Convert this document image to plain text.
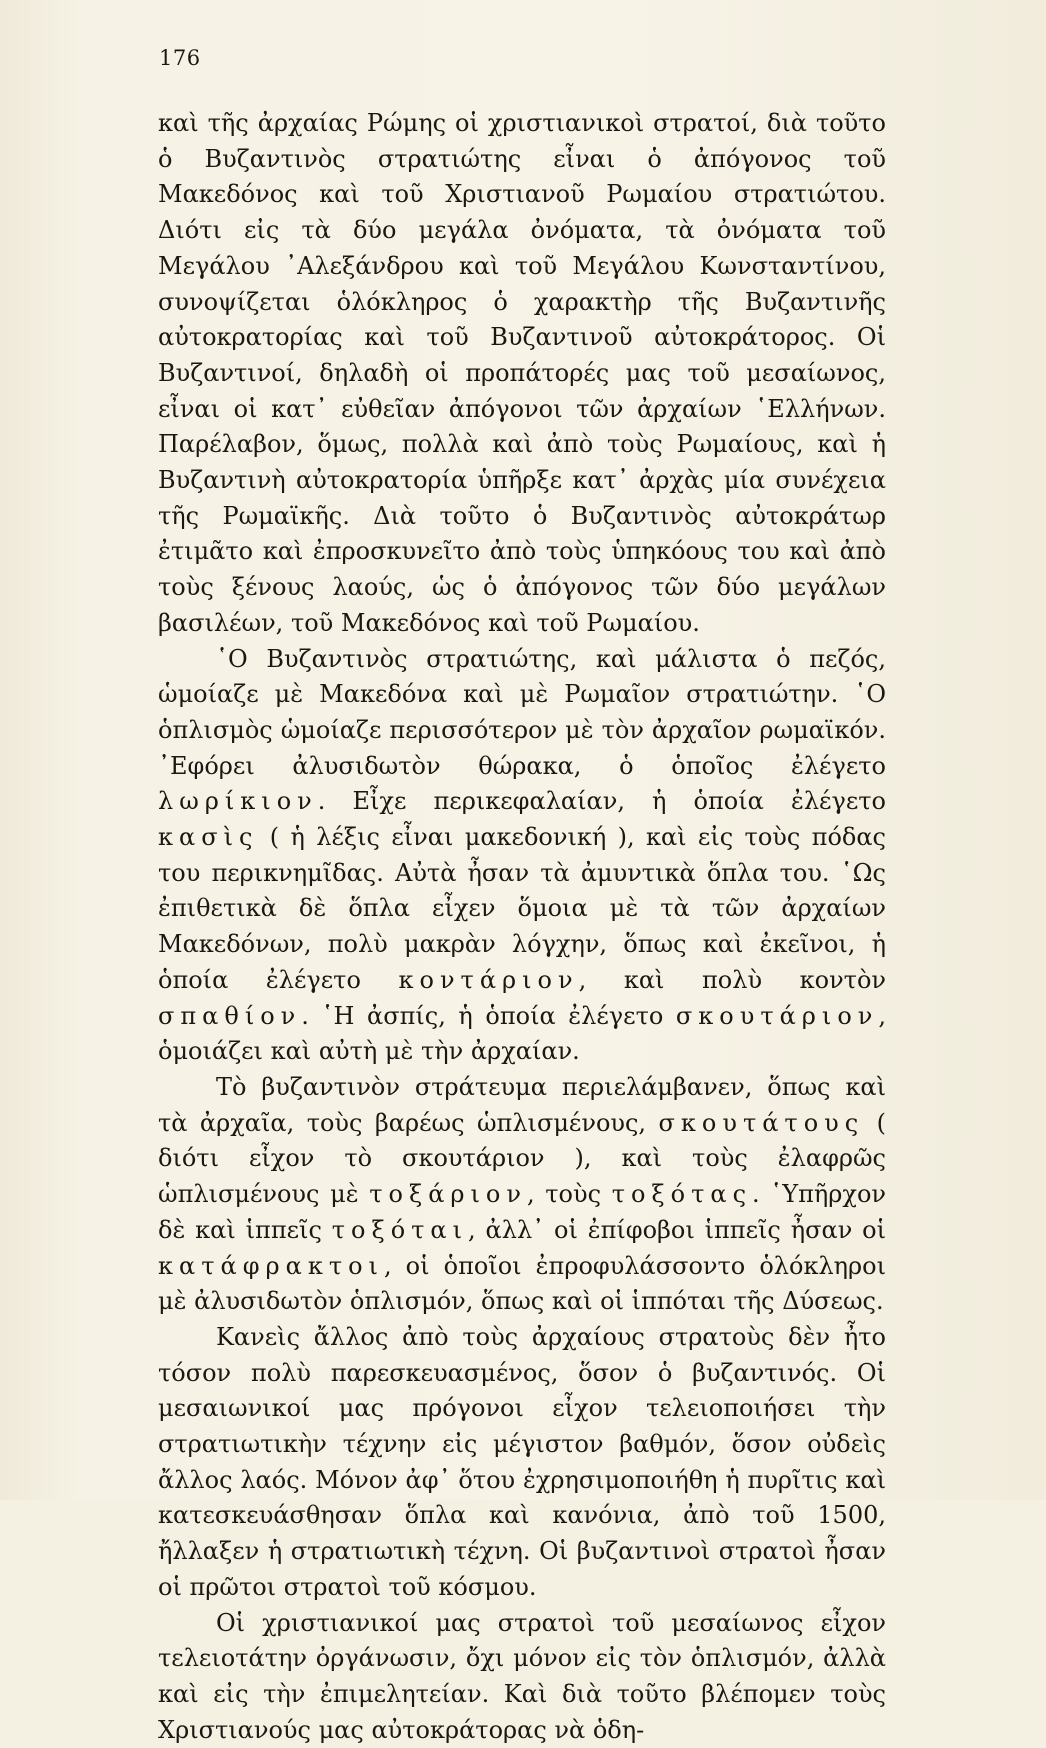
176

καὶ τῆς ἀρχαίας Ρώμης οἱ χριστιανικοὶ στρατοί, διὰ τοῦτο ὁ Βυζαντινὸς στρατιώτης εἶναι ὁ ἀπόγονος τοῦ Μακεδόνος καὶ τοῦ Χριστιανοῦ Ρωμαίου στρατιώτου. Διότι εἰς τὰ δύο μεγάλα ὀνόματα, τὰ ὀνόματα τοῦ Μεγάλου ᾽Αλεξάνδρου καὶ τοῦ Μεγάλου Κωνσταντίνου, συνοψίζεται ὁλόκληρος ὁ χαρακτὴρ τῆς Βυζαντινῆς αὐτοκρατορίας καὶ τοῦ Βυζαντινοῦ αὐτοκράτορος. Οἱ Βυζαντινοί, δηλαδὴ οἱ προπάτορές μας τοῦ μεσαίωνος, εἶναι οἱ κατ᾽ εὐθεῖαν ἀπόγονοι τῶν ἀρχαίων ῾Ελλήνων. Παρέλαβον, ὅμως, πολλὰ καὶ ἀπὸ τοὺς Ρωμαίους, καὶ ἡ Βυζαντινὴ αὐτοκρατορία ὑπῆρξε κατ᾽ ἀρχὰς μία συνέχεια τῆς Ρωμαϊκῆς. Διὰ τοῦτο ὁ Βυζαντινὸς αὐτοκράτωρ ἐτιμᾶτο καὶ ἐπροσκυνεῖτο ἀπὸ τοὺς ὑπηκόους του καὶ ἀπὸ τοὺς ξένους λαούς, ὡς ὁ ἀπόγονος τῶν δύο μεγάλων βασιλέων, τοῦ Μακεδόνος καὶ τοῦ Ρωμαίου.

῾Ο Βυζαντινὸς στρατιώτης, καὶ μάλιστα ὁ πεζός, ὡμοίαζε μὲ Μακεδόνα καὶ μὲ Ρωμαῖον στρατιώτην. ῾Ο ὁπλισμὸς ὡμοίαζε περισσότερον μὲ τὸν ἀρχαῖον ρωμαϊκόν. ᾽Εφόρει ἀλυσιδωτὸν θώρακα, ὁ ὁποῖος ἐλέγετο λωρίκιον. Εἶχε περικεφαλαίαν, ἡ ὁποία ἐλέγετο κασὶς ( ἡ λέξις εἶναι μακεδονική ), καὶ εἰς τοὺς πόδας του περικνημῖδας. Αὐτὰ ἦσαν τὰ ἀμυντικὰ ὅπλα του. ῾Ως ἐπιθετικὰ δὲ ὅπλα εἶχεν ὅμοια μὲ τὰ τῶν ἀρχαίων Μακεδόνων, πολὺ μακρὰν λόγχην, ὅπως καὶ ἐκεῖνοι, ἡ ὁποία ἐλέγετο κοντάριον, καὶ πολὺ κοντὸν σπαθίον. ῾Η ἀσπίς, ἡ ὁποία ἐλέγετο σκουτάριον, ὁμοιάζει καὶ αὐτὴ μὲ τὴν ἀρχαίαν.

Τὸ βυζαντινὸν στράτευμα περιελάμβανεν, ὅπως καὶ τὰ ἀρχαῖα, τοὺς βαρέως ὡπλισμένους, σκουτάτους ( διότι εἶχον τὸ σκουτάριον ), καὶ τοὺς ἐλαφρῶς ὡπλισμένους μὲ τοξάριον, τοὺς τοξότας. ῾Υπῆρχον δὲ καὶ ἱππεῖς τοξόται, ἀλλ᾽ οἱ ἐπίφοβοι ἱππεῖς ἦσαν οἱ κατάφρακτοι, οἱ ὁποῖοι ἐπροφυλάσσοντο ὁλόκληροι μὲ ἀλυσιδωτὸν ὁπλισμόν, ὅπως καὶ οἱ ἱππόται τῆς Δύσεως.

Κανεὶς ἄλλος ἀπὸ τοὺς ἀρχαίους στρατοὺς δὲν ἦτο τόσον πολὺ παρεσκευασμένος, ὅσον ὁ βυζαντινός. Οἱ μεσαιωνικοί μας πρόγονοι εἶχον τελειοποιήσει τὴν στρατιωτικὴν τέχνην εἰς μέγιστον βαθμόν, ὅσον οὐδεὶς ἄλλος λαός. Μόνον ἀφ᾽ ὅτου ἐχρησιμοποιήθη ἡ πυρῖτις καὶ κατεσκευάσθησαν ὅπλα καὶ κανόνια, ἀπὸ τοῦ 1500, ἤλλαξεν ἡ στρατιωτικὴ τέχνη. Οἱ βυζαντινοὶ στρατοὶ ἦσαν οἱ πρῶτοι στρατοὶ τοῦ κόσμου.

Οἱ χριστιανικοί μας στρατοὶ τοῦ μεσαίωνος εἶχον τελειοτάτην ὀργάνωσιν, ὄχι μόνον εἰς τὸν ὁπλισμόν, ἀλλὰ καὶ εἰς τὴν ἐπιμελητείαν. Καὶ διὰ τοῦτο βλέπομεν τοὺς Χριστιανούς μας αὐτοκράτορας νὰ ὁδη-
